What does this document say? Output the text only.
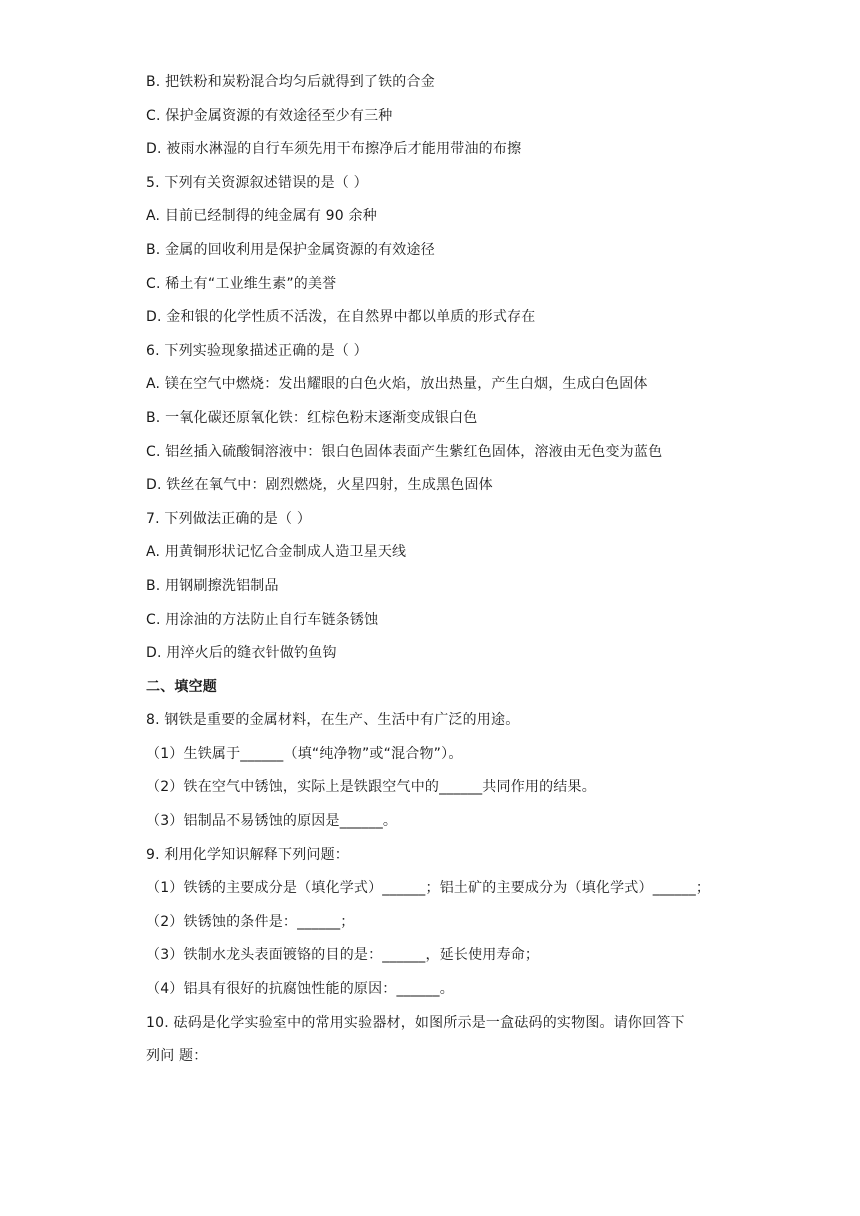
B. 把铁粉和炭粉混合均匀后就得到了铁的合金
C. 保护金属资源的有效途径至少有三种
D. 被雨水淋湿的自行车须先用干布擦净后才能用带油的布擦
5. 下列有关资源叙述错误的是（ ）
A. 目前已经制得的纯金属有 90 余种
B. 金属的回收利用是保护金属资源的有效途径
C. 稀土有“工业维生素”的美誉
D. 金和银的化学性质不活泼，在自然界中都以单质的形式存在
6. 下列实验现象描述正确的是（ ）
A. 镁在空气中燃烧：发出耀眼的白色火焰，放出热量，产生白烟，生成白色固体
B. 一氧化碳还原氧化铁：红棕色粉末逐渐变成银白色
C. 铝丝插入硫酸铜溶液中：银白色固体表面产生紫红色固体，溶液由无色变为蓝色
D. 铁丝在氧气中：剧烈燃烧，火星四射，生成黑色固体
7. 下列做法正确的是（ ）
A. 用黄铜形状记忆合金制成人造卫星天线
B. 用钢刷擦洗铝制品
C. 用涂油的方法防止自行车链条锈蚀
D. 用淬火后的缝衣针做钓鱼钩
二、填空题
8. 钢铁是重要的金属材料，在生产、生活中有广泛的用途。
（1）生铁属于______（填“纯净物”或“混合物”）。
（2）铁在空气中锈蚀，实际上是铁跟空气中的______共同作用的结果。
（3）铝制品不易锈蚀的原因是______。
9. 利用化学知识解释下列问题：
（1）铁锈的主要成分是（填化学式）______；铝土矿的主要成分为（填化学式）______；
（2）铁锈蚀的条件是：______；
（3）铁制水龙头表面镀铬的目的是：______，延长使用寿命；
（4）铝具有很好的抗腐蚀性能的原因：______。
10. 砝码是化学实验室中的常用实验器材，如图所示是一盒砝码的实物图。请你回答下
列问 题：
